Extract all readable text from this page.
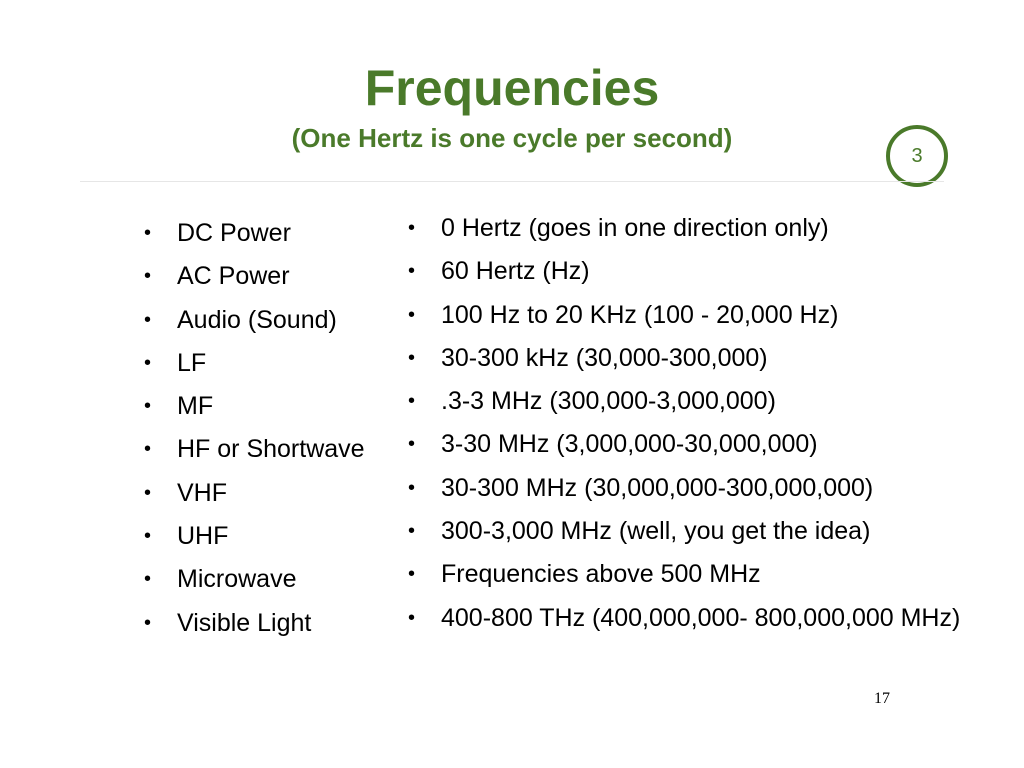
Frequencies
(One Hertz is one cycle per second)
3
• DC Power
• AC Power
• Audio (Sound)
• LF
• MF
• HF or Shortwave
• VHF
• UHF
• Microwave
• Visible Light
• 0 Hertz (goes in one direction only)
• 60 Hertz (Hz)
• 100 Hz to 20 KHz (100 - 20,000 Hz)
• 30-300 kHz (30,000-300,000)
• .3-3 MHz (300,000-3,000,000)
• 3-30 MHz (3,000,000-30,000,000)
• 30-300 MHz (30,000,000-300,000,000)
• 300-3,000 MHz (well, you get the idea)
• Frequencies above 500 MHz
• 400-800 THz (400,000,000- 800,000,000 MHz)
17
